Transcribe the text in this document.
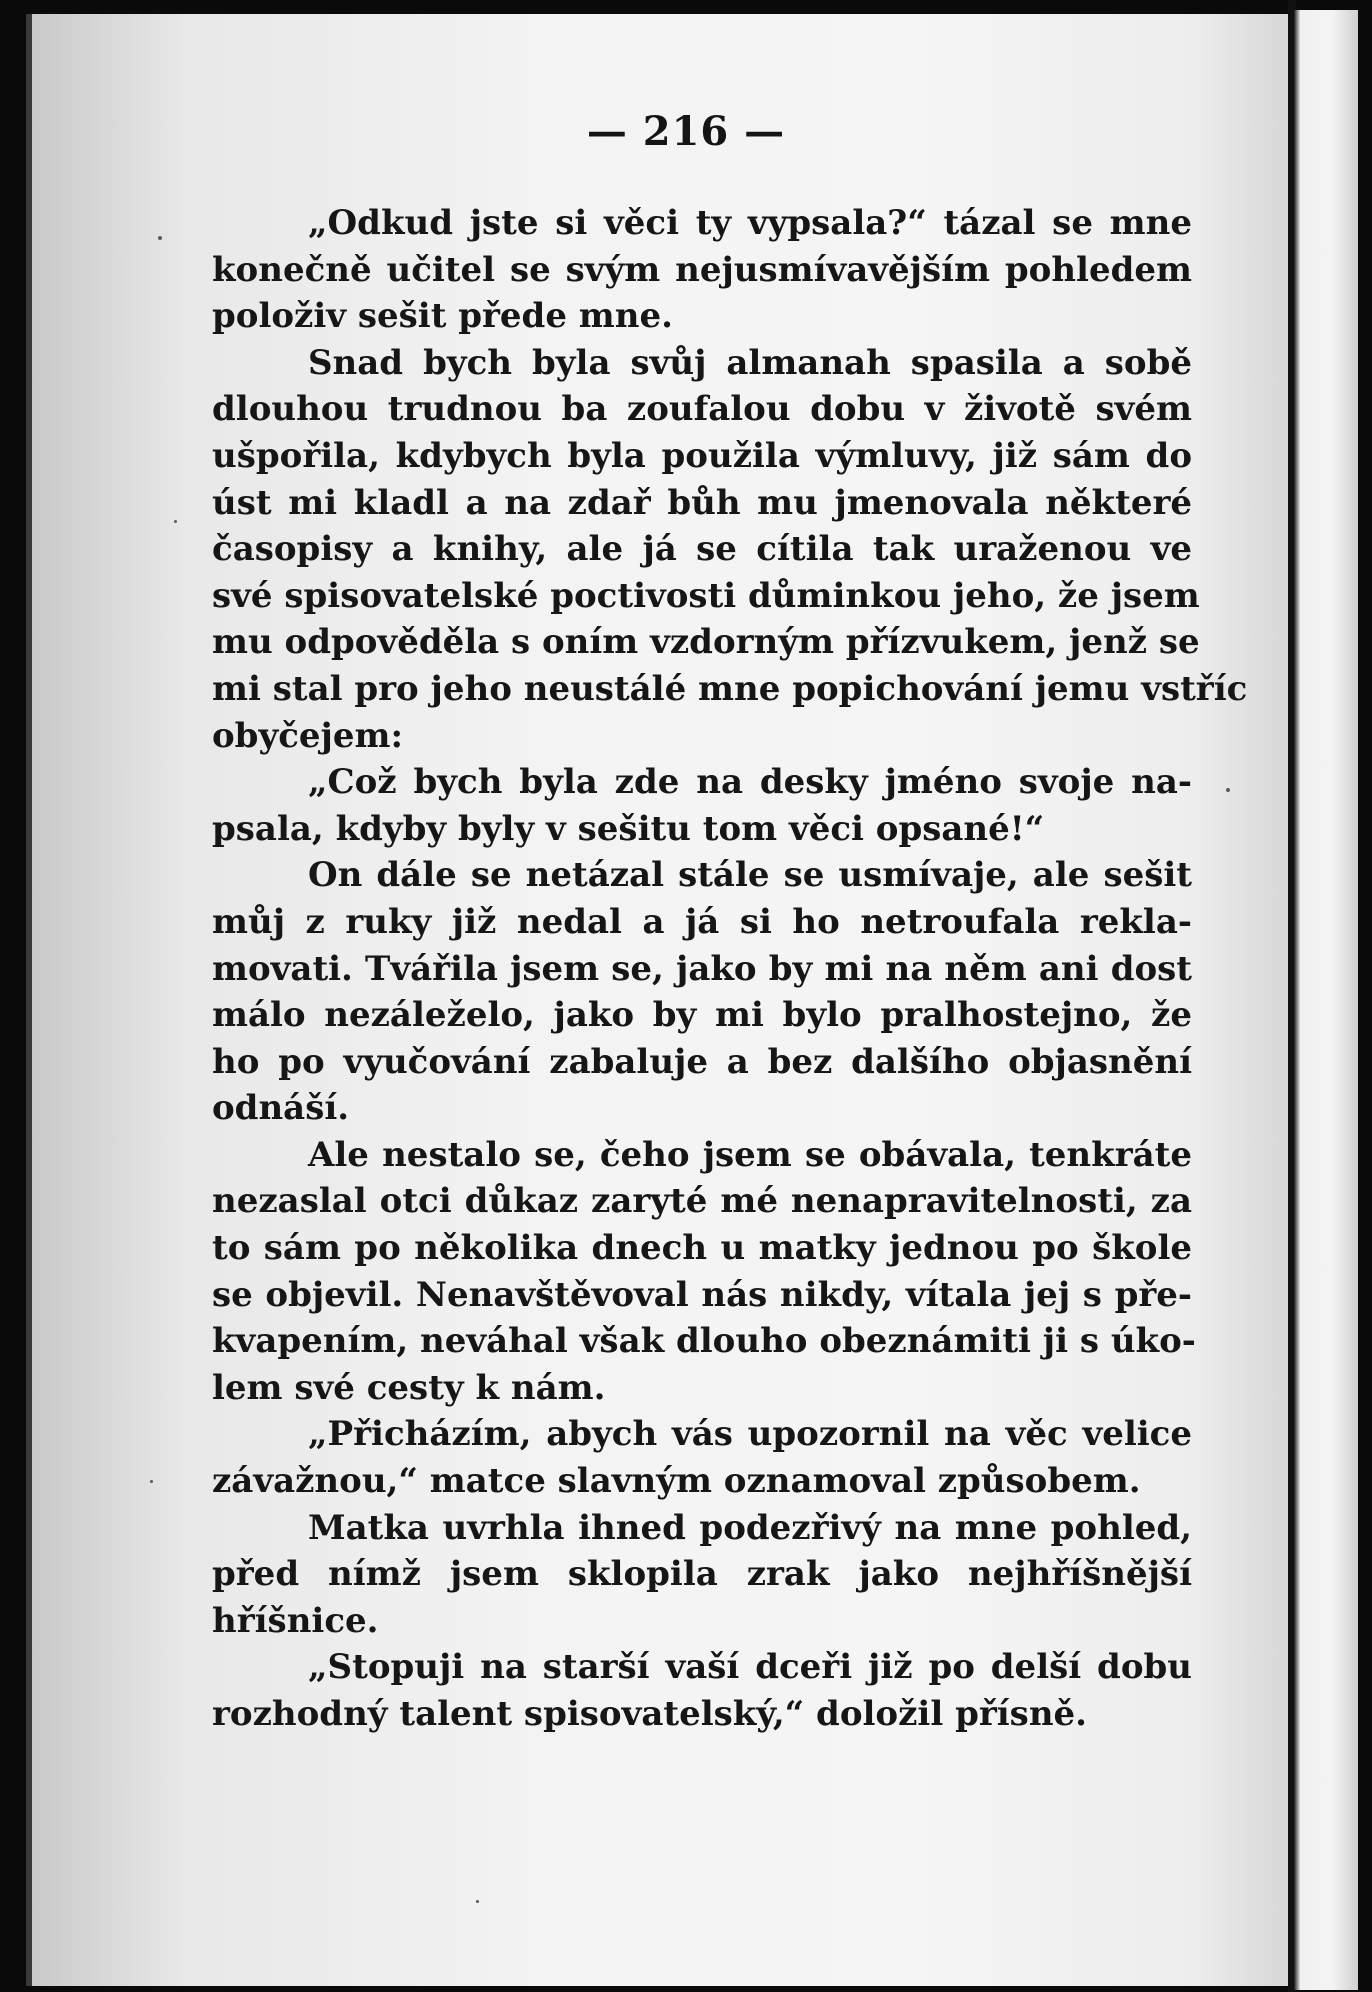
— 216 —
„Odkud jste si věci ty vypsala?“ tázal se mne
konečně učitel se svým nejusmívavějším pohledem
položiv sešit přede mne.
Snad bych byla svůj almanah spasila a sobě
dlouhou trudnou ba zoufalou dobu v životě svém
ušpořila, kdybych byla použila výmluvy, již sám do
úst mi kladl a na zdař bůh mu jmenovala některé
časopisy a knihy, ale já se cítila tak uraženou ve
své spisovatelské poctivosti důminkou jeho, že jsem
mu odpověděla s oním vzdorným přízvukem, jenž se
mi stal pro jeho neustálé mne popichování jemu vstříc
obyčejem:
„Což bych byla zde na desky jméno svoje na-
psala, kdyby byly v sešitu tom věci opsané!“
On dále se netázal stále se usmívaje, ale sešit
můj z ruky již nedal a já si ho netroufala rekla-
movati. Tvářila jsem se, jako by mi na něm ani dost
málo nezáleželo, jako by mi bylo pralhostejno, že
ho po vyučování zabaluje a bez dalšího objasnění
odnáší.
Ale nestalo se, čeho jsem se obávala, tenkráte
nezaslal otci důkaz zaryté mé nenapravitelnosti, za
to sám po několika dnech u matky jednou po škole
se objevil. Nenavštěvoval nás nikdy, vítala jej s pře-
kvapením, neváhal však dlouho obeznámiti ji s úko-
lem své cesty k nám.
„Přicházím, abych vás upozornil na věc velice
závažnou,“ matce slavným oznamoval způsobem.
Matka uvrhla ihned podezřivý na mne pohled,
před nímž jsem sklopila zrak jako nejhříšnější
hříšnice.
„Stopuji na starší vaší dceři již po delší dobu
rozhodný talent spisovatelský,“ doložil přísně.
